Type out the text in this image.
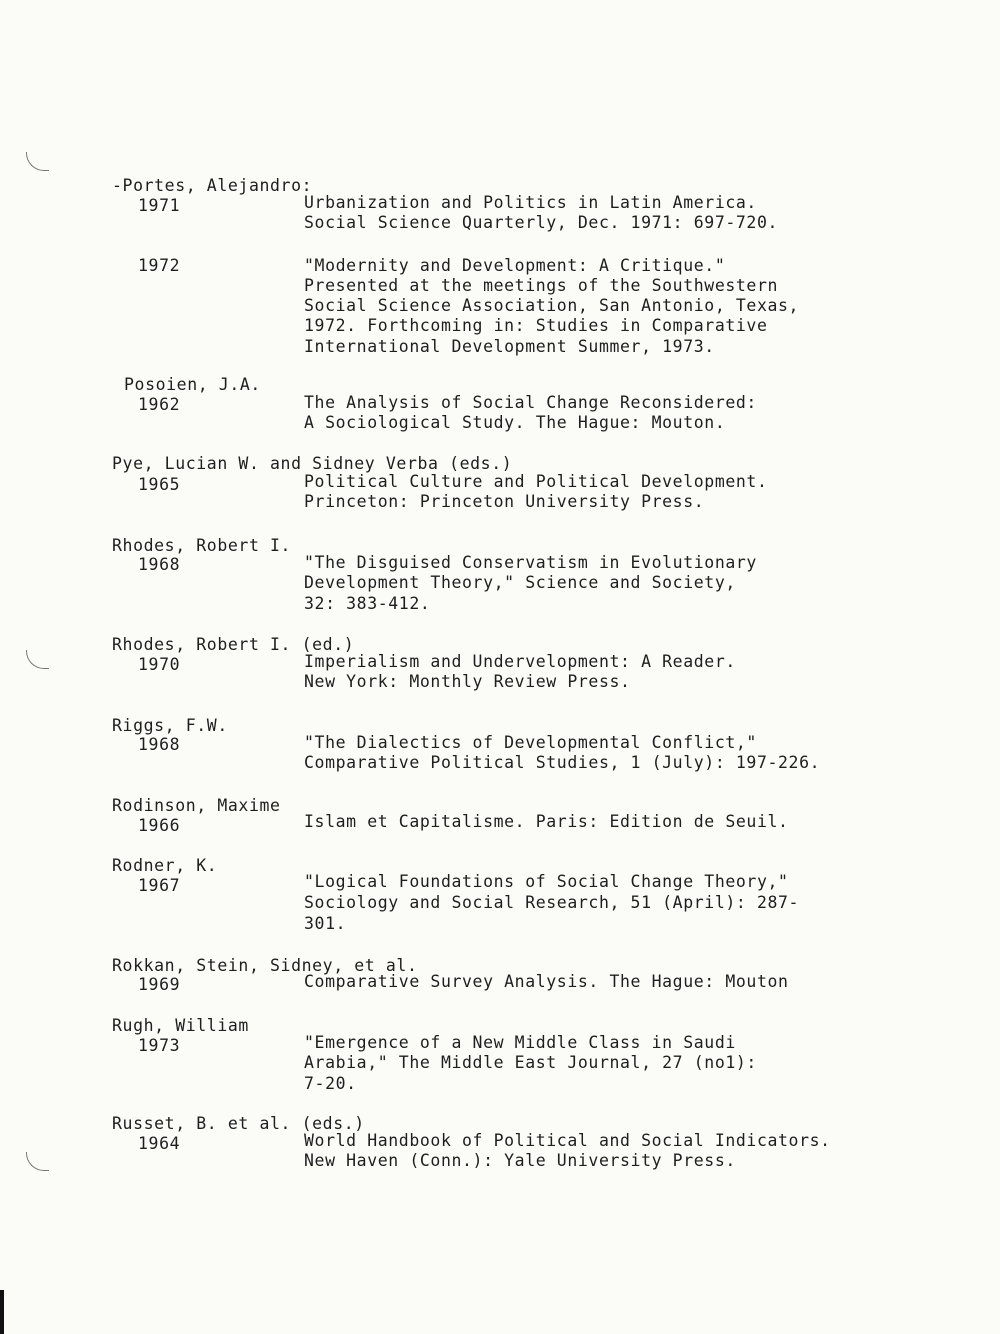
-Portes, Alejandro:
1971	Urbanization and Politics in Latin America.
Social Science Quarterly, Dec. 1971: 697-720.
1972	"Modernity and Development: A Critique."
Presented at the meetings of the Southwestern
Social Science Association, San Antonio, Texas,
1972. Forthcoming in: Studies in Comparative
International Development Summer, 1973.
Posoien, J.A.
1962	The Analysis of Social Change Reconsidered:
A Sociological Study. The Hague: Mouton.
Pye, Lucian W. and Sidney Verba (eds.)
1965	Political Culture and Political Development.
Princeton: Princeton University Press.
Rhodes, Robert I.
1968	"The Disguised Conservatism in Evolutionary
Development Theory," Science and Society,
32: 383-412.
Rhodes, Robert I. (ed.)
1970	Imperialism and Undervelopment: A Reader.
New York: Monthly Review Press.
Riggs, F.W.
1968	"The Dialectics of Developmental Conflict,"
Comparative Political Studies, 1 (July): 197-226.
Rodinson, Maxime
1966	Islam et Capitalisme. Paris: Edition de Seuil.
Rodner, K.
1967	"Logical Foundations of Social Change Theory,"
Sociology and Social Research, 51 (April): 287-
301.
Rokkan, Stein, Sidney, et al.
1969	Comparative Survey Analysis. The Hague: Mouton
Rugh, William
1973	"Emergence of a New Middle Class in Saudi
Arabia," The Middle East Journal, 27 (no1):
7-20.
Russet, B. et al. (eds.)
1964	World Handbook of Political and Social Indicators.
New Haven (Conn.): Yale University Press.
